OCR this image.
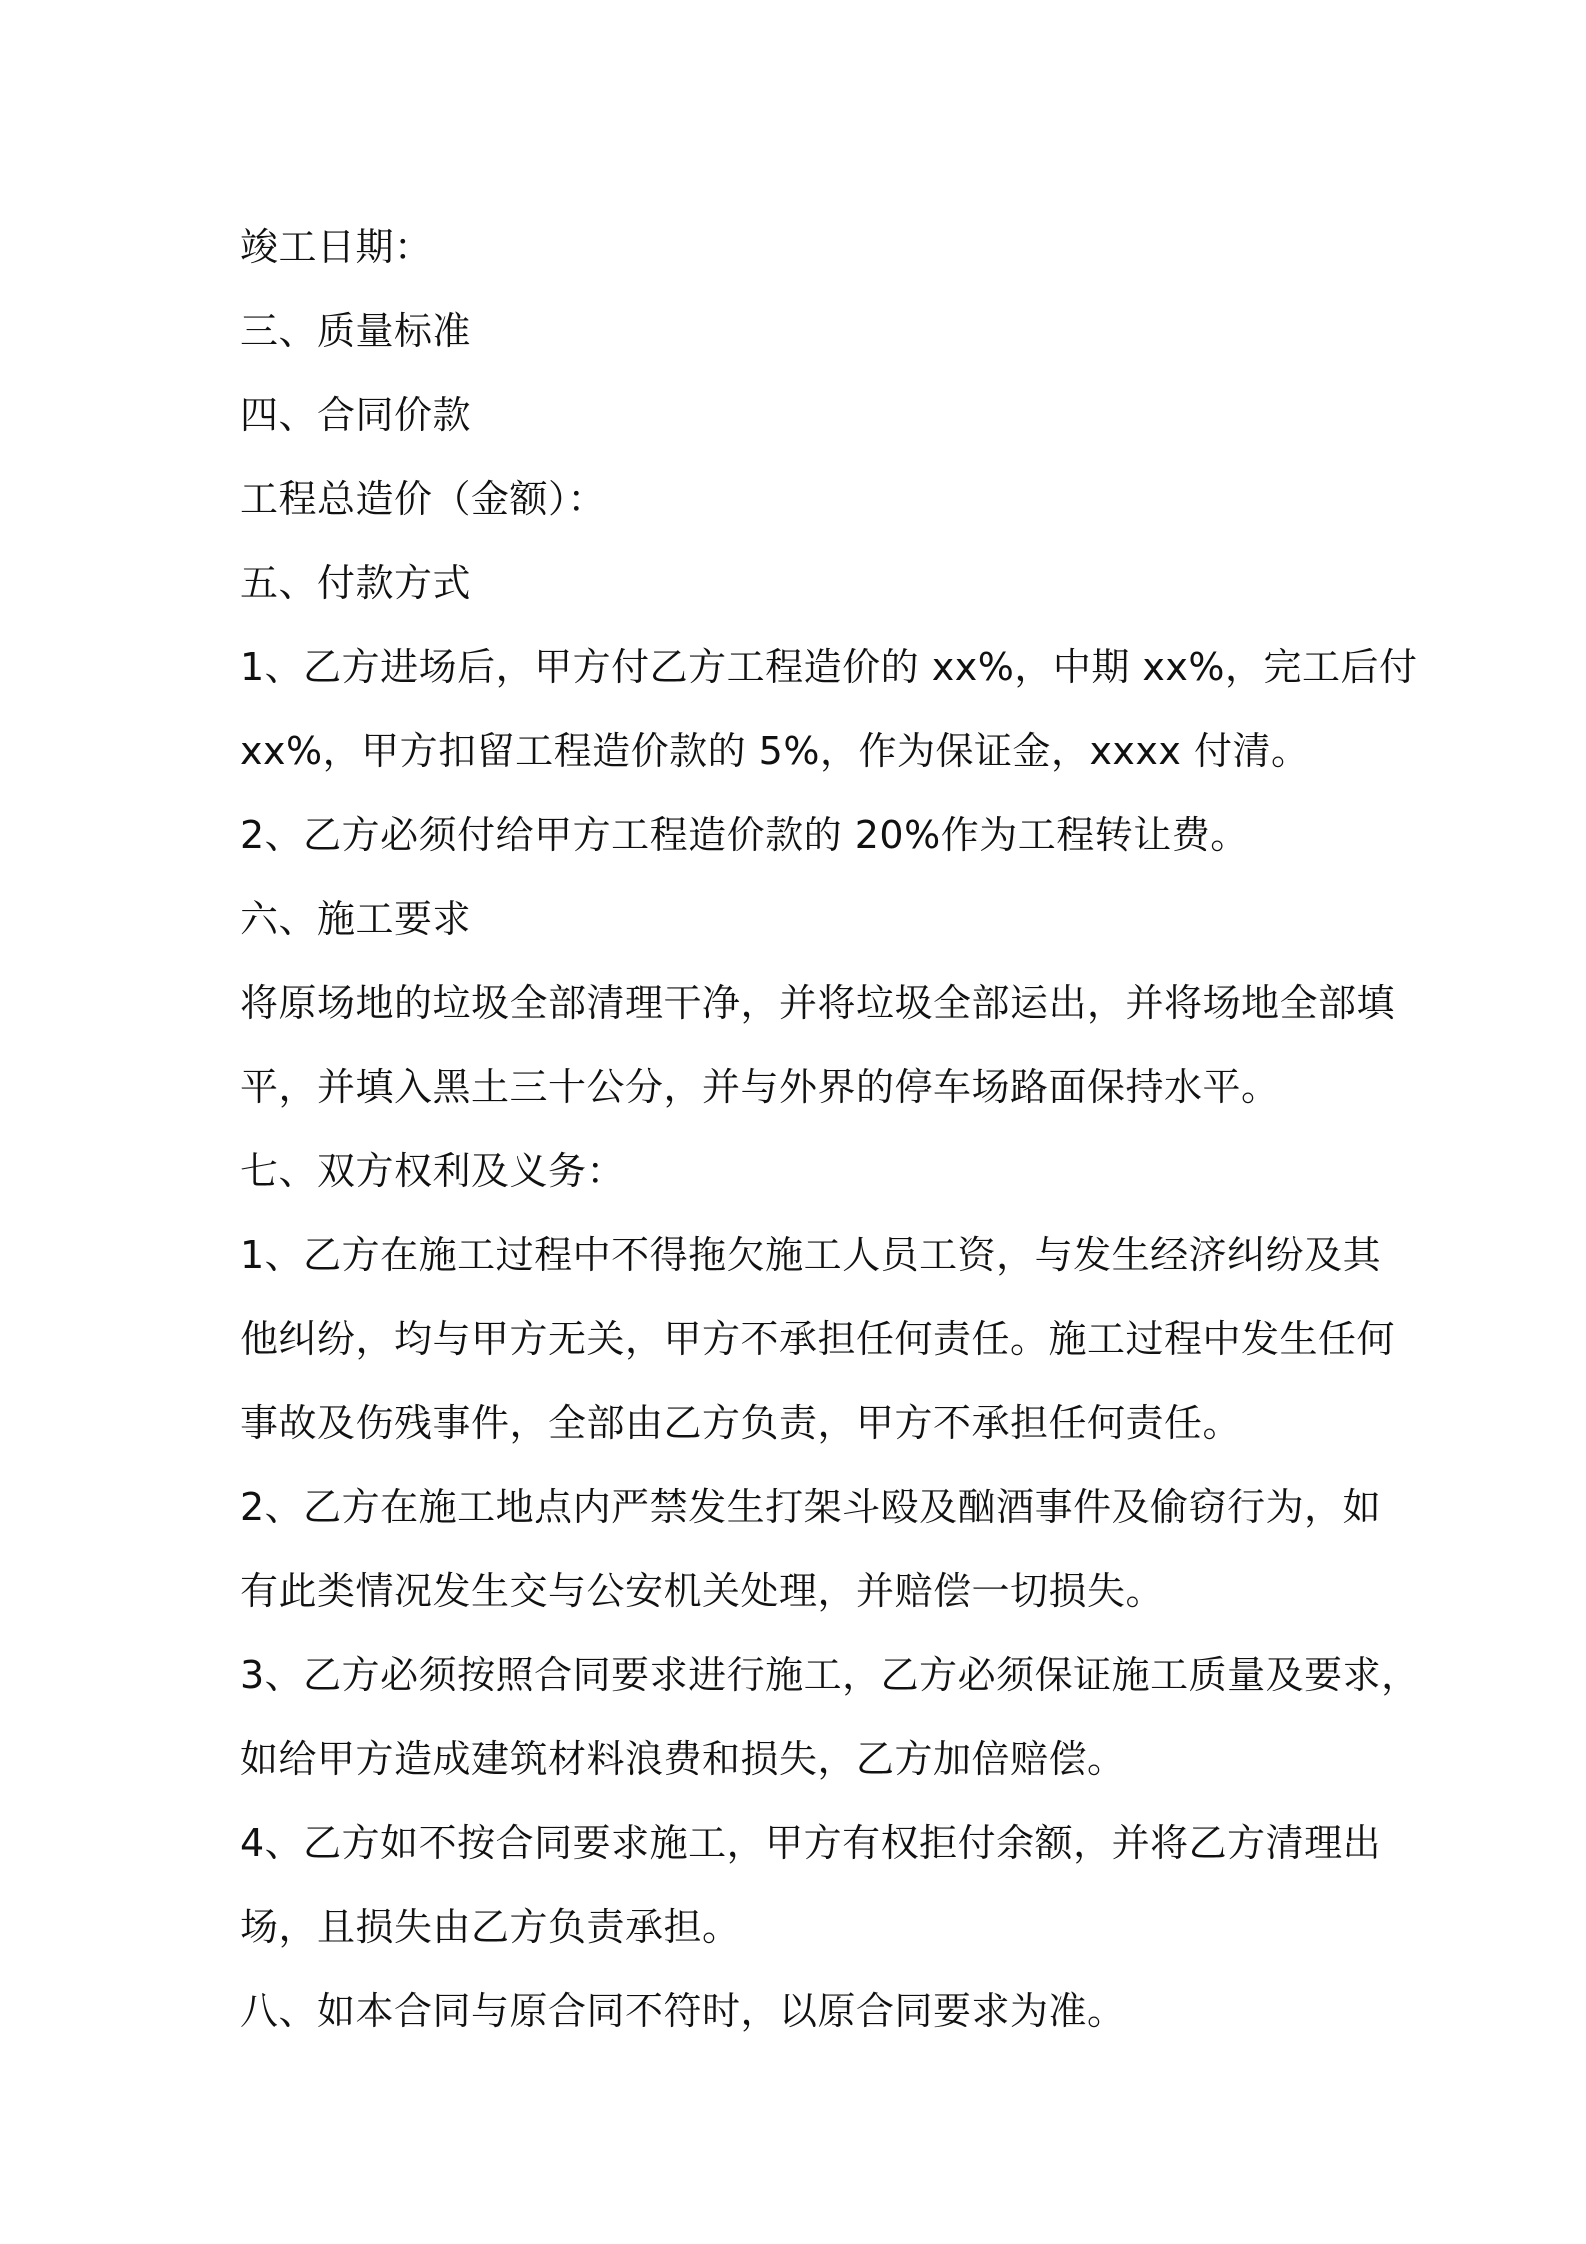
竣工日期：
三、质量标准
四、合同价款
工程总造价（金额）：
五、付款方式
1、乙方进场后，甲方付乙方工程造价的 xx%，中期 xx%，完工后付
xx%，甲方扣留工程造价款的 5%，作为保证金，xxxx 付清。
2、乙方必须付给甲方工程造价款的 20%作为工程转让费。
六、施工要求
将原场地的垃圾全部清理干净，并将垃圾全部运出，并将场地全部填
平，并填入黑土三十公分，并与外界的停车场路面保持水平。
七、双方权利及义务：
1、乙方在施工过程中不得拖欠施工人员工资，与发生经济纠纷及其
他纠纷，均与甲方无关，甲方不承担任何责任。施工过程中发生任何
事故及伤残事件，全部由乙方负责，甲方不承担任何责任。
2、乙方在施工地点内严禁发生打架斗殴及酗酒事件及偷窃行为，如
有此类情况发生交与公安机关处理，并赔偿一切损失。
3、乙方必须按照合同要求进行施工，乙方必须保证施工质量及要求，
如给甲方造成建筑材料浪费和损失，乙方加倍赔偿。
4、乙方如不按合同要求施工，甲方有权拒付余额，并将乙方清理出
场，且损失由乙方负责承担。
八、如本合同与原合同不符时，以原合同要求为准。
